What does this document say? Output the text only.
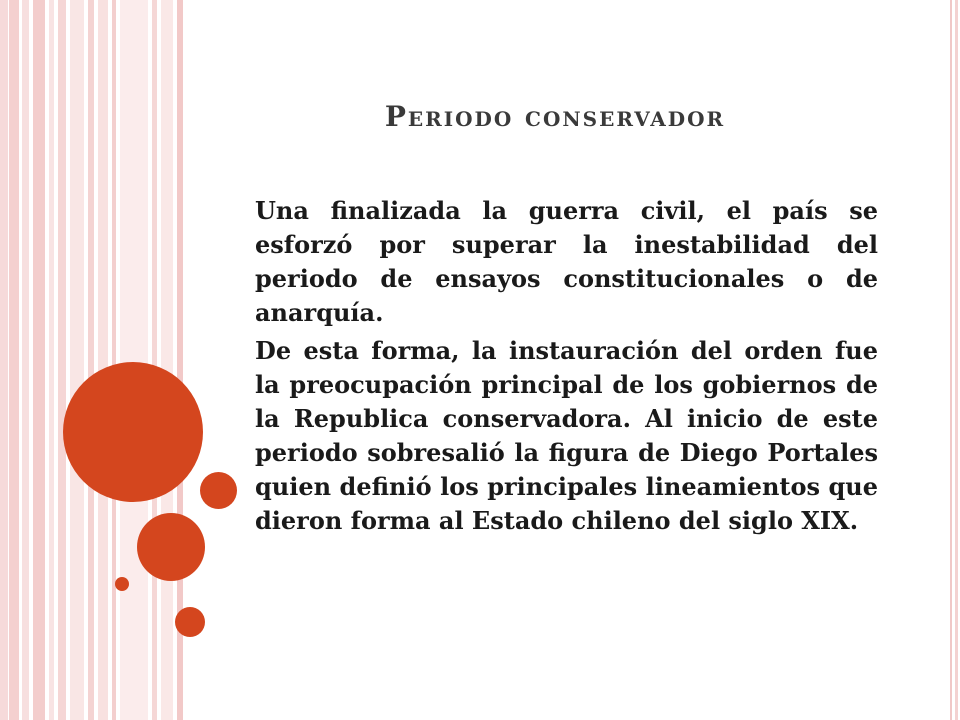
Periodo conservador

Una finalizada la guerra civil, el país se esforzó por superar la inestabilidad del periodo de ensayos constitucionales o de anarquía.

De esta forma, la instauración del orden fue la preocupación principal de los gobiernos de la Republica conservadora. Al inicio de este periodo sobresalió la figura de Diego Portales quien definió los principales lineamientos que dieron forma al Estado chileno del siglo XIX.
